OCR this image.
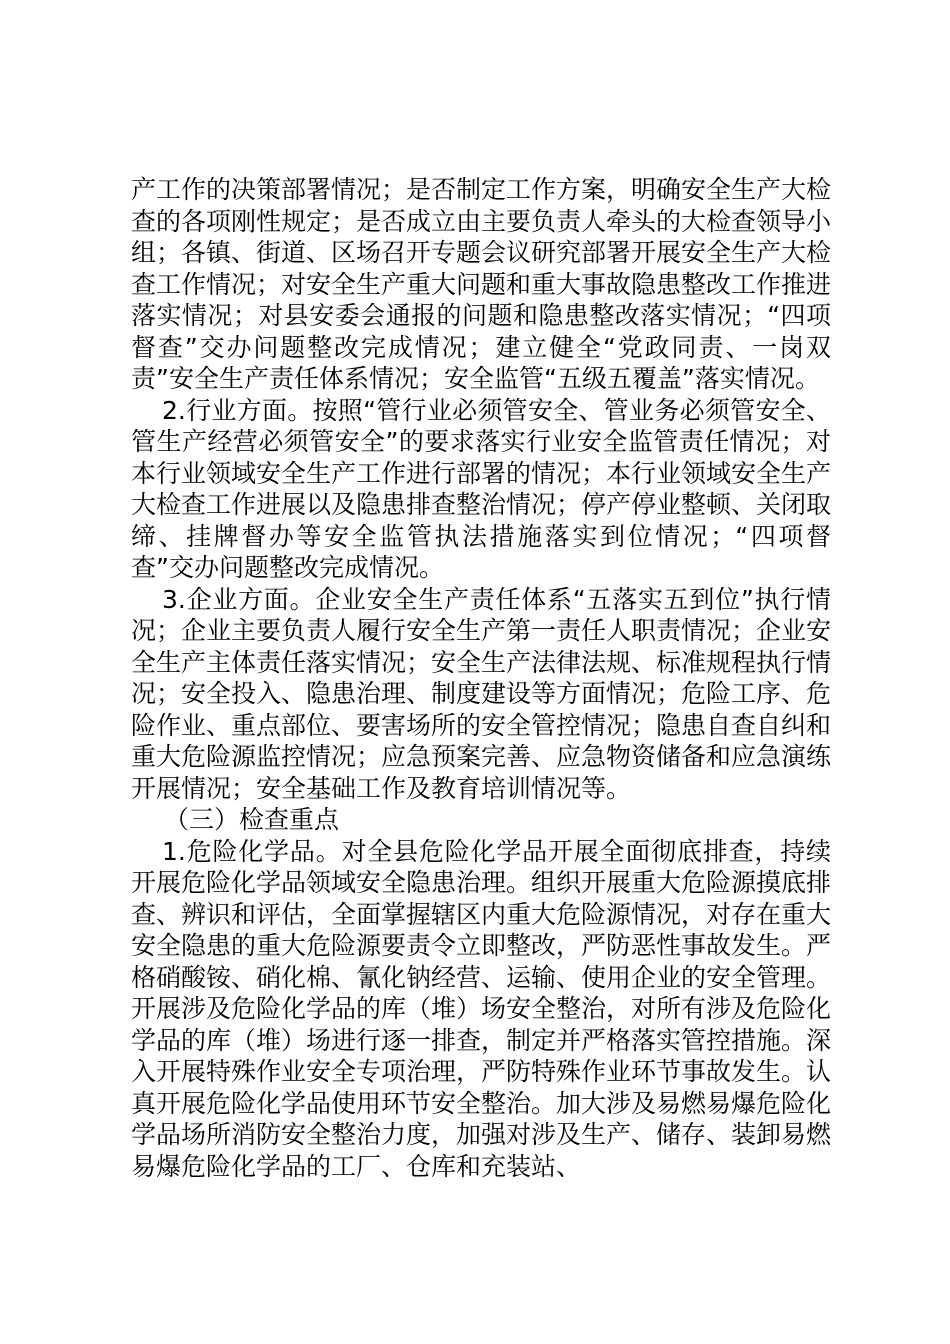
产工作的决策部署情况；是否制定工作方案，明确安全生产大检查的各项刚性规定；是否成立由主要负责人牵头的大检查领导小组；各镇、街道、区场召开专题会议研究部署开展安全生产大检查工作情况；对安全生产重大问题和重大事故隐患整改工作推进落实情况；对县安委会通报的问题和隐患整改落实情况；“四项督查”交办问题整改完成情况；建立健全“党政同责、一岗双责”安全生产责任体系情况；安全监管“五级五覆盖”落实情况。

2.行业方面。按照“管行业必须管安全、管业务必须管安全、管生产经营必须管安全”的要求落实行业安全监管责任情况；对本行业领域安全生产工作进行部署的情况；本行业领域安全生产大检查工作进展以及隐患排查整治情况；停产停业整顿、关闭取缔、挂牌督办等安全监管执法措施落实到位情况；“四项督查”交办问题整改完成情况。

3.企业方面。企业安全生产责任体系“五落实五到位”执行情况；企业主要负责人履行安全生产第一责任人职责情况；企业安全生产主体责任落实情况；安全生产法律法规、标准规程执行情况；安全投入、隐患治理、制度建设等方面情况；危险工序、危险作业、重点部位、要害场所的安全管控情况；隐患自查自纠和重大危险源监控情况；应急预案完善、应急物资储备和应急演练开展情况；安全基础工作及教育培训情况等。

（三）检查重点

1.危险化学品。对全县危险化学品开展全面彻底排查，持续开展危险化学品领域安全隐患治理。组织开展重大危险源摸底排查、辨识和评估，全面掌握辖区内重大危险源情况，对存在重大安全隐患的重大危险源要责令立即整改，严防恶性事故发生。严格硝酸铵、硝化棉、氰化钠经营、运输、使用企业的安全管理。开展涉及危险化学品的库（堆）场安全整治，对所有涉及危险化学品的库（堆）场进行逐一排查，制定并严格落实管控措施。深入开展特殊作业安全专项治理，严防特殊作业环节事故发生。认真开展危险化学品使用环节安全整治。加大涉及易燃易爆危险化学品场所消防安全整治力度，加强对涉及生产、储存、装卸易燃易爆危险化学品的工厂、仓库和充装站、
